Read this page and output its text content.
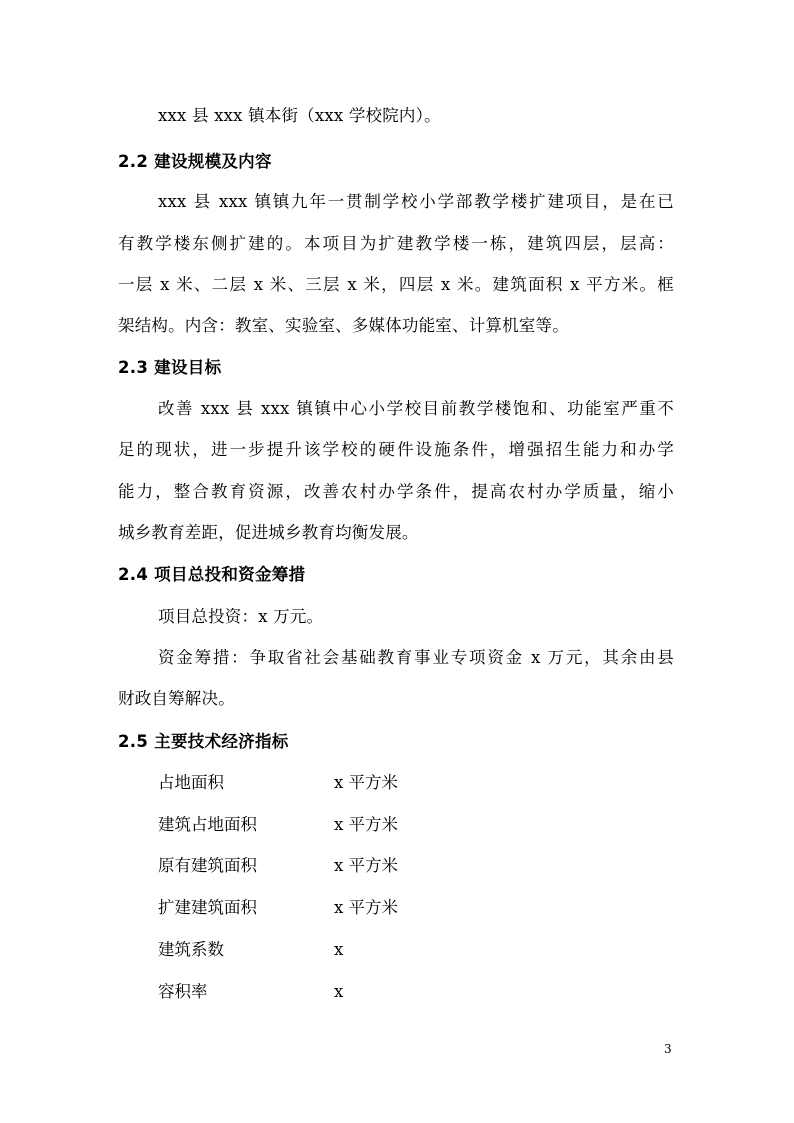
xxx 县 xxx 镇本街（xxx 学校院内）。
2.2 建设规模及内容
xxx 县 xxx 镇镇九年一贯制学校小学部教学楼扩建项目，是在已
有教学楼东侧扩建的。本项目为扩建教学楼一栋，建筑四层，层高：
一层 x 米、二层 x 米、三层 x 米，四层 x 米。建筑面积 x 平方米。框
架结构。内含：教室、实验室、多媒体功能室、计算机室等。
2.3 建设目标
改善 xxx 县 xxx 镇镇中心小学校目前教学楼饱和、功能室严重不
足的现状，进一步提升该学校的硬件设施条件，增强招生能力和办学
能力，整合教育资源，改善农村办学条件，提高农村办学质量，缩小
城乡教育差距，促进城乡教育均衡发展。
2.4 项目总投和资金筹措
项目总投资：x 万元。
资金筹措：争取省社会基础教育事业专项资金 x 万元，其余由县
财政自筹解决。
2.5 主要技术经济指标
占地面积	x 平方米
建筑占地面积	x 平方米
原有建筑面积	x 平方米
扩建建筑面积	x 平方米
建筑系数	x
容积率	x
3
